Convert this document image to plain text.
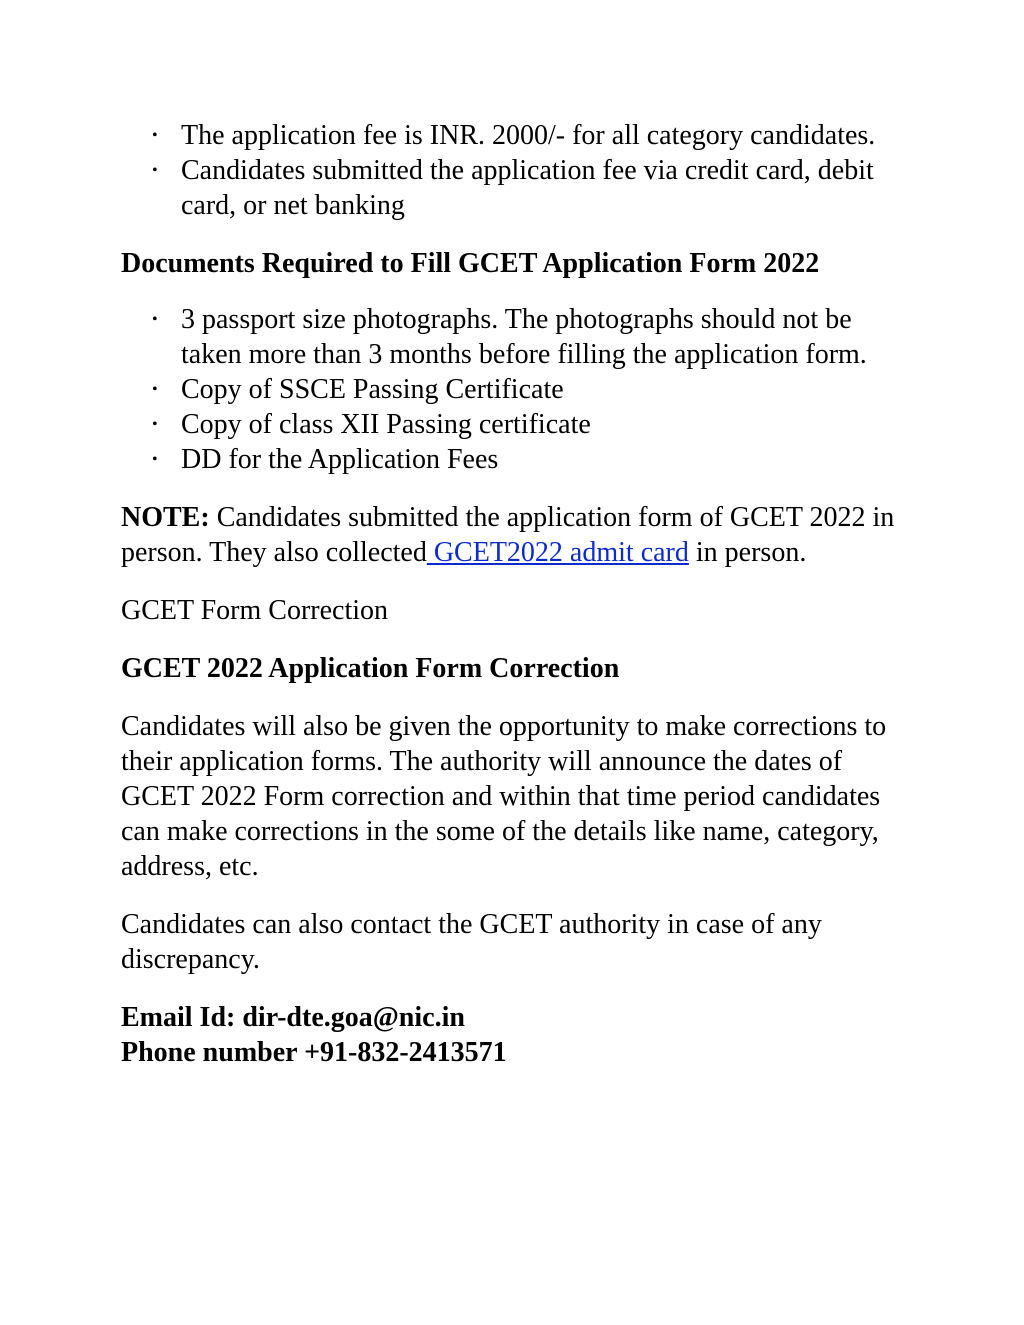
• The application fee is INR. 2000/- for all category candidates.
• Candidates submitted the application fee via credit card, debit card, or net banking
Documents Required to Fill GCET Application Form 2022
• 3 passport size photographs. The photographs should not be taken more than 3 months before filling the application form.
• Copy of SSCE Passing Certificate
• Copy of class XII Passing certificate
• DD for the Application Fees

NOTE: Candidates submitted the application form of GCET 2022 in person. They also collected GCET2022 admit card in person.

GCET Form Correction

GCET 2022 Application Form Correction

Candidates will also be given the opportunity to make corrections to their application forms. The authority will announce the dates of GCET 2022 Form correction and within that time period candidates can make corrections in the some of the details like name, category, address, etc.

Candidates can also contact the GCET authority in case of any discrepancy.

Email Id: dir-dte.goa@nic.in
Phone number +91-832-2413571
